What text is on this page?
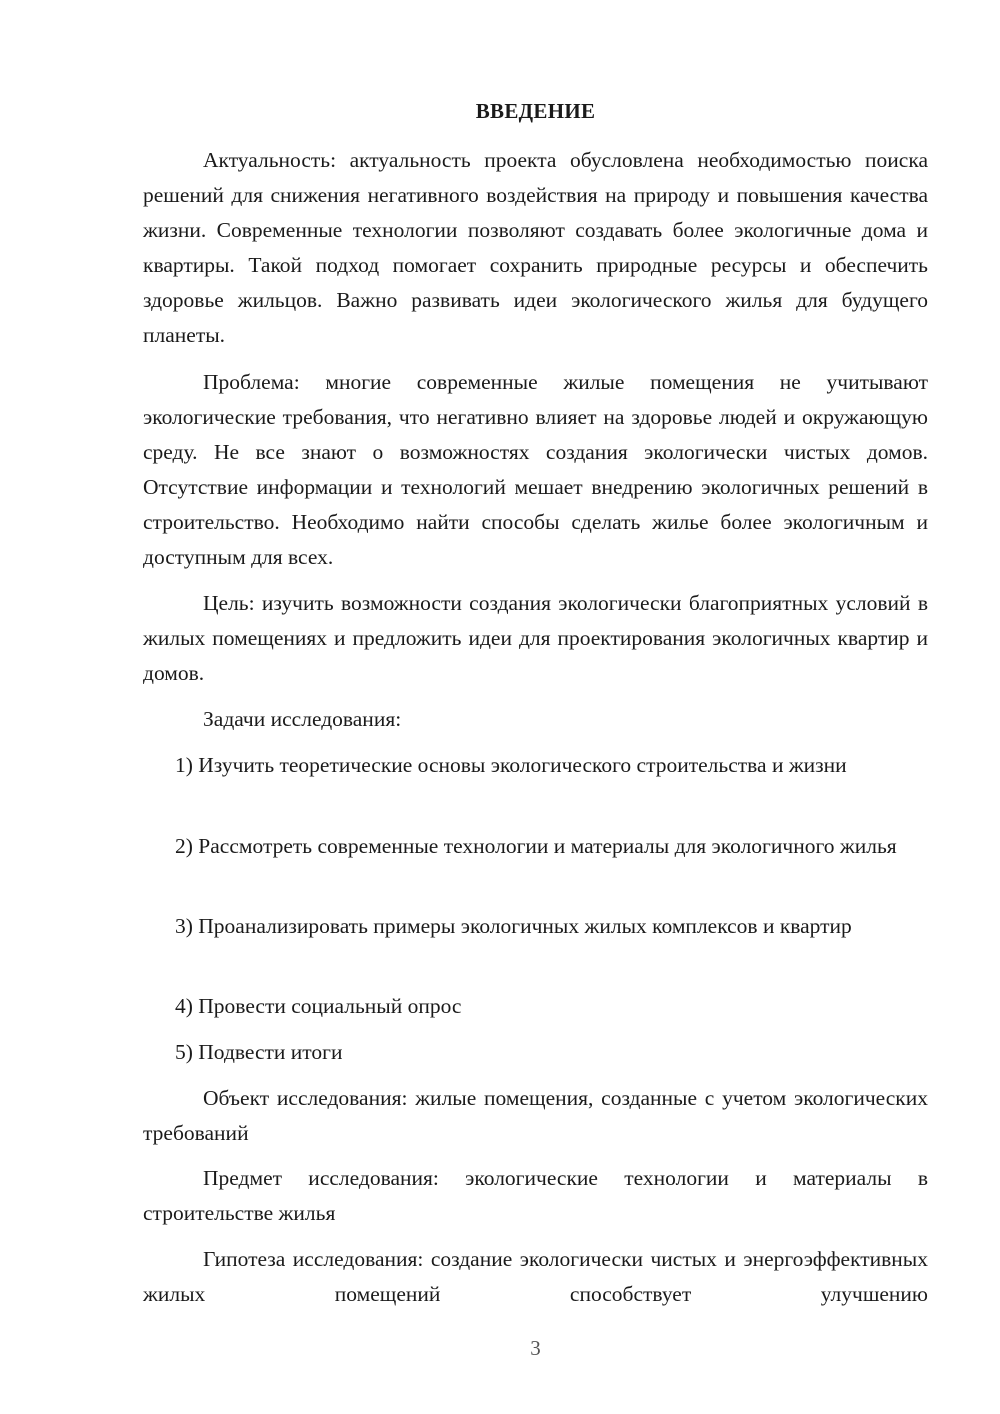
ВВЕДЕНИЕ

Актуальность: актуальность проекта обусловлена необходимостью поиска решений для снижения негативного воздействия на природу и повышения качества жизни. Современные технологии позволяют создавать более экологичные дома и квартиры. Такой подход помогает сохранить природные ресурсы и обеспечить здоровье жильцов. Важно развивать идеи экологического жилья для будущего планеты.

Проблема: многие современные жилые помещения не учитывают экологические требования, что негативно влияет на здоровье людей и окружающую среду. Не все знают о возможностях создания экологически чистых домов. Отсутствие информации и технологий мешает внедрению экологичных решений в строительство. Необходимо найти способы сделать жилье более экологичным и доступным для всех.

Цель: изучить возможности создания экологически благоприятных условий в жилых помещениях и предложить идеи для проектирования экологичных квартир и домов.

Задачи исследования:

1) Изучить теоретические основы экологического строительства и жизни

2) Рассмотреть современные технологии и материалы для экологичного жилья

3) Проанализировать примеры экологичных жилых комплексов и квартир

4) Провести социальный опрос

5) Подвести итоги

Объект исследования: жилые помещения, созданные с учетом экологических требований

Предмет исследования: экологические технологии и материалы в строительстве жилья

Гипотеза исследования: создание экологически чистых и энергоэффективных жилых помещений способствует улучшению

3
